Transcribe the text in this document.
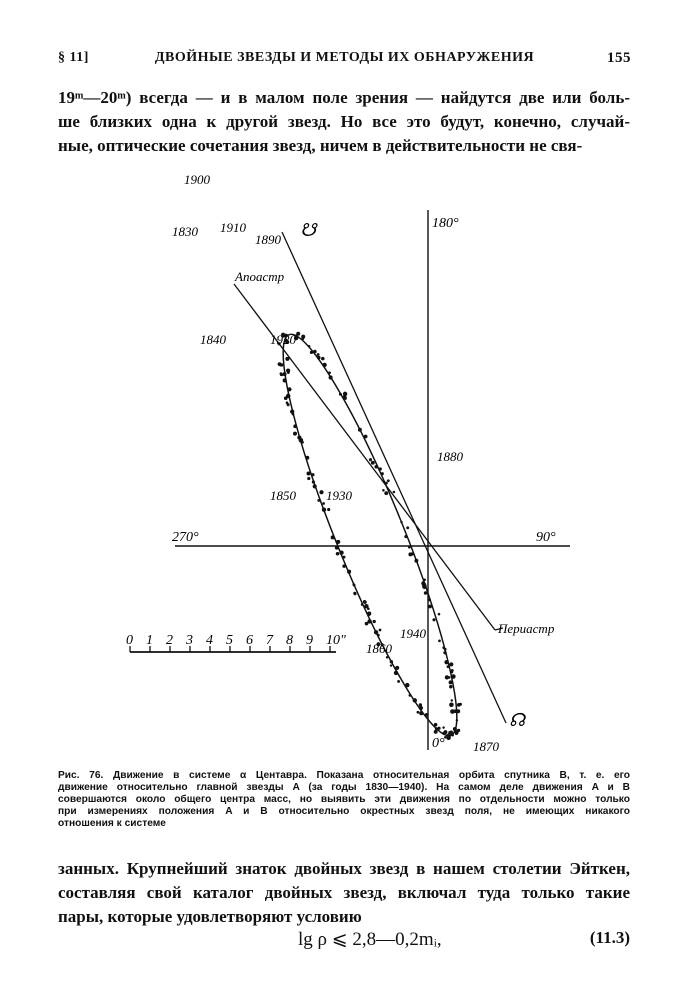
§ 11]	ДВОЙНЫЕ ЗВЕЗДЫ И МЕТОДЫ ИХ ОБНАРУЖЕНИЯ	155
19ᵐ—20ᵐ) всегда — и в малом поле зрения — найдутся две или боль-
ше близких одна к другой звезд. Но все это будут, конечно, случай-
ные, оптические сочетания звезд, ничем в действительности не свя-
180°
270°	90°
0°
☋
☊
Апоастр
Периастр
1900
1830 1910
1890
1840	1920
1880
1850 1930
1940
1860
1870
0 1 2 3 4 5 6 7 8 9 10"
Рис. 76. Движение в системе α Центавра. Показана относительная орбита спутника B, т. е. его
движение относительно главной звезды A (за годы 1830—1940). На самом деле движения A и B
совершаются около общего центра масс, но выявить эти движения по отдельности можно только
при измерениях положения A и B относительно окрестных звезд поля, не имеющих никакого
отношения к системе
занных. Крупнейший знаток двойных звезд в нашем столетии Эйткен,
составляя свой каталог двойных звезд, включал туда только такие
пары, которые удовлетворяют условию
lg ρ ⩽ 2,8—0,2mᵢ,	(11.3)
